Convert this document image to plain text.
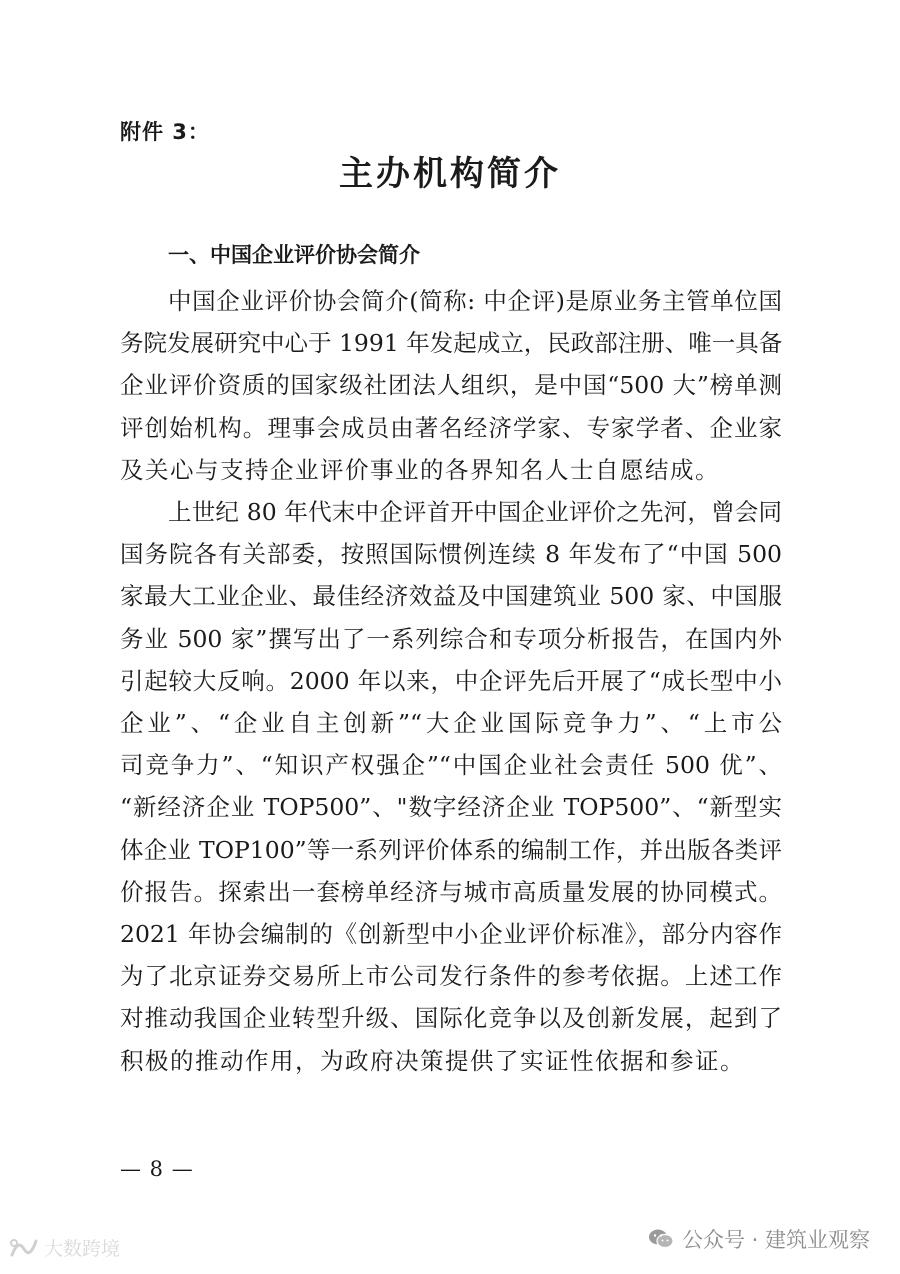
附件 3：
主办机构简介
一、中国企业评价协会简介
中国企业评价协会简介(简称: 中企评)是原业务主管单位国
务院发展研究中心于 1991 年发起成立，民政部注册、唯一具备
企业评价资质的国家级社团法人组织，是中国“500 大”榜单测
评创始机构。理事会成员由著名经济学家、专家学者、企业家
及关心与支持企业评价事业的各界知名人士自愿结成。
上世纪 80 年代末中企评首开中国企业评价之先河，曾会同
国务院各有关部委，按照国际惯例连续 8 年发布了“中国 500
家最大工业企业、最佳经济效益及中国建筑业 500 家、中国服
务业 500 家”撰写出了一系列综合和专项分析报告，在国内外
引起较大反响。2000 年以来，中企评先后开展了“成长型中小
企业”、“企业自主创新”“大企业国际竞争力”、“上市公
司竞争力”、“知识产权强企”“中国企业社会责任 500 优”、
“新经济企业 TOP500”、"数字经济企业 TOP500”、“新型实
体企业 TOP100”等一系列评价体系的编制工作，并出版各类评
价报告。探索出一套榜单经济与城市高质量发展的协同模式。
2021 年协会编制的《创新型中小企业评价标准》，部分内容作
为了北京证券交易所上市公司发行条件的参考依据。上述工作
对推动我国企业转型升级、国际化竞争以及创新发展，起到了
积极的推动作用，为政府决策提供了实证性依据和参证。
— 8 —
公众号 · 建筑业观察
大数跨境
